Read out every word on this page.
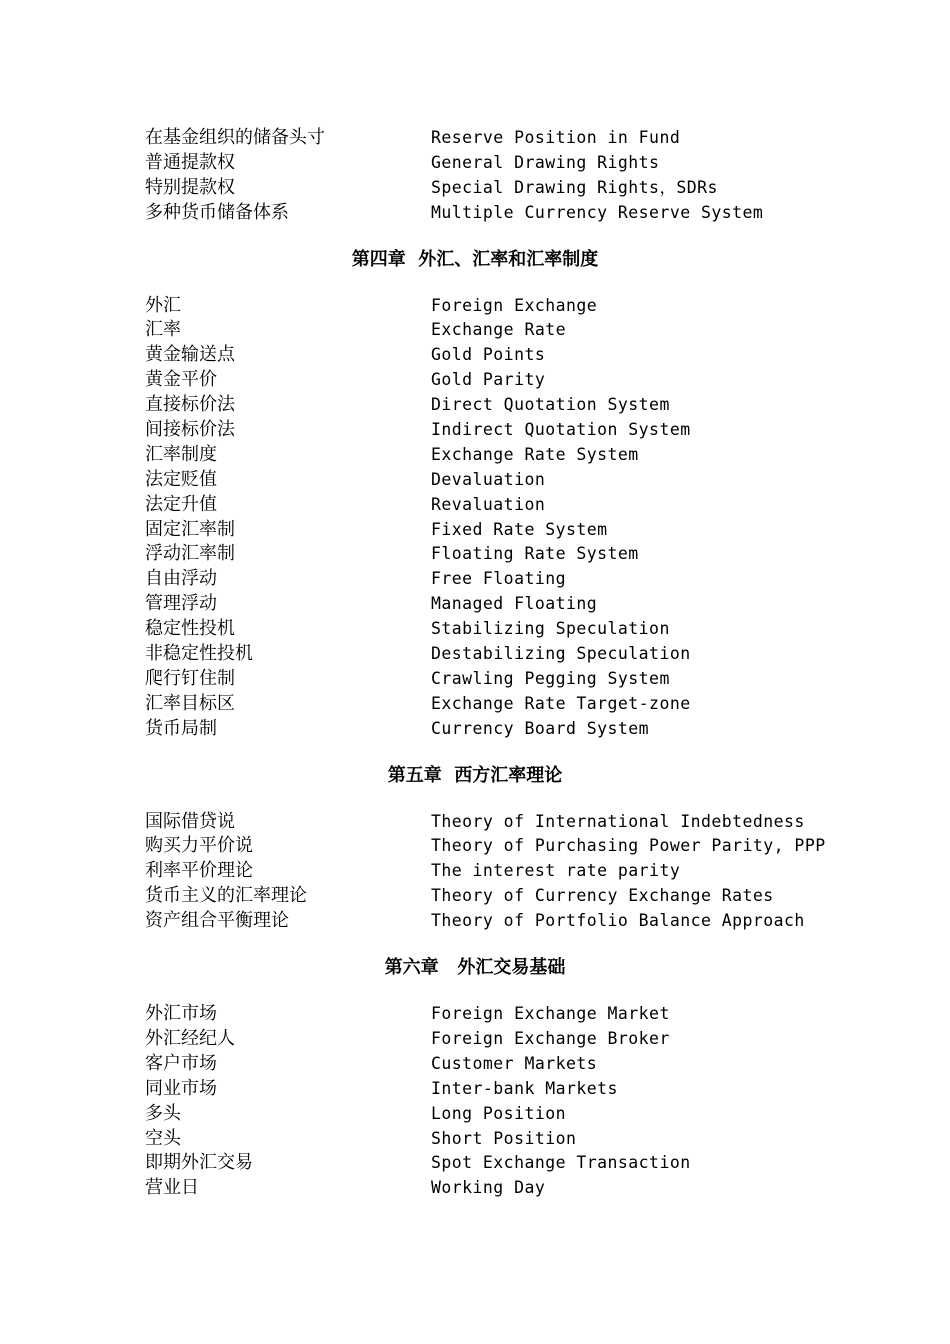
在基金组织的储备头寸	Reserve Position in Fund
普通提款权	General Drawing Rights
特别提款权	Special Drawing Rights，SDRs
多种货币储备体系	Multiple Currency Reserve System
第四章  外汇、汇率和汇率制度
外汇	Foreign Exchange
汇率	Exchange Rate
黄金输送点	Gold Points
黄金平价	Gold Parity
直接标价法	Direct Quotation System
间接标价法	Indirect Quotation System
汇率制度	Exchange Rate System
法定贬值	Devaluation
法定升值	Revaluation
固定汇率制	Fixed Rate System
浮动汇率制	Floating Rate System
自由浮动	Free Floating
管理浮动	Managed Floating
稳定性投机	Stabilizing Speculation
非稳定性投机	Destabilizing Speculation
爬行钉住制	Crawling Pegging System
汇率目标区	Exchange Rate Target-zone
货币局制	Currency Board System
第五章  西方汇率理论
国际借贷说	Theory of International Indebtedness
购买力平价说	Theory of Purchasing Power Parity, PPP
利率平价理论	The interest rate parity
货币主义的汇率理论	Theory of Currency Exchange Rates
资产组合平衡理论	Theory of Portfolio Balance Approach
第六章   外汇交易基础
外汇市场	Foreign Exchange Market
外汇经纪人	Foreign Exchange Broker
客户市场	Customer Markets
同业市场	Inter-bank Markets
多头	Long Position
空头	Short Position
即期外汇交易	Spot Exchange Transaction
营业日	Working Day
